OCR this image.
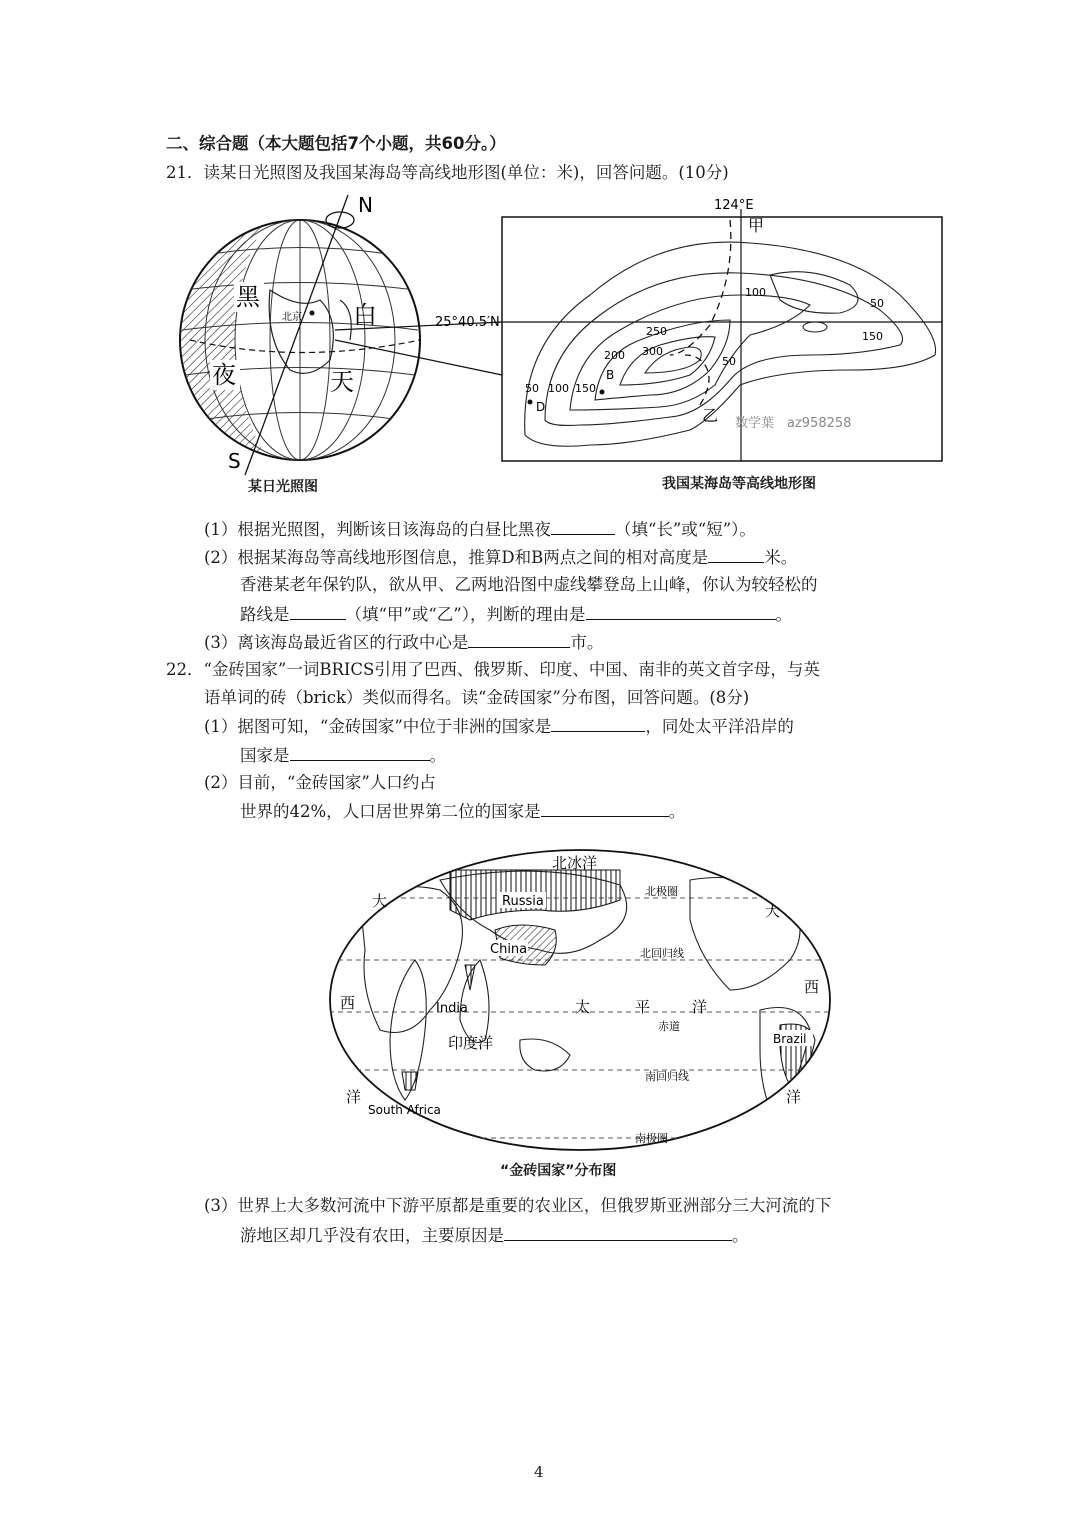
二、综合题（本大题包括7个小题，共60分。）
21．读某日光照图及我国某海岛等高线地形图(单位：米)，回答问题。(10分)
N
S
黑
夜
白
天
北京
124°E
25°40.5′N
甲
乙
B
D
50 100 150
200
250
300
100
50
150
50
数学葉　az958258
某日光照图	我国某海岛等高线地形图
(1）根据光照图，判断该日该海岛的白昼比黑夜	（填“长”或“短”）。
(2）根据某海岛等高线地形图信息，推算D和B两点之间的相对高度是	米。
香港某老年保钓队，欲从甲、乙两地沿图中虚线攀登岛上山峰，你认为较轻松的
路线是	（填“甲”或“乙”），判断的理由是	。
(3）离该海岛最近省区的行政中心是	市。
22．“金砖国家”一词BRICS引用了巴西、俄罗斯、印度、中国、南非的英文首字母，与英
语单词的砖（brick）类似而得名。读“金砖国家”分布图，回答问题。(8分)
(1）据图可知，“金砖国家”中位于非洲的国家是	，同处太平洋沿岸的
国家是	。
(2）目前，“金砖国家”人口约占
世界的42%，人口居世界第二位的国家是	。
北冰洋
Russia
China
India
Brazil
South Africa
印度洋
太	平	洋
大
西
洋
大
西
洋
北极圈
北回归线
赤道
南回归线
南极圈
“金砖国家”分布图
(3）世界上大多数河流中下游平原都是重要的农业区，但俄罗斯亚洲部分三大河流的下
游地区却几乎没有农田，主要原因是	。
4
